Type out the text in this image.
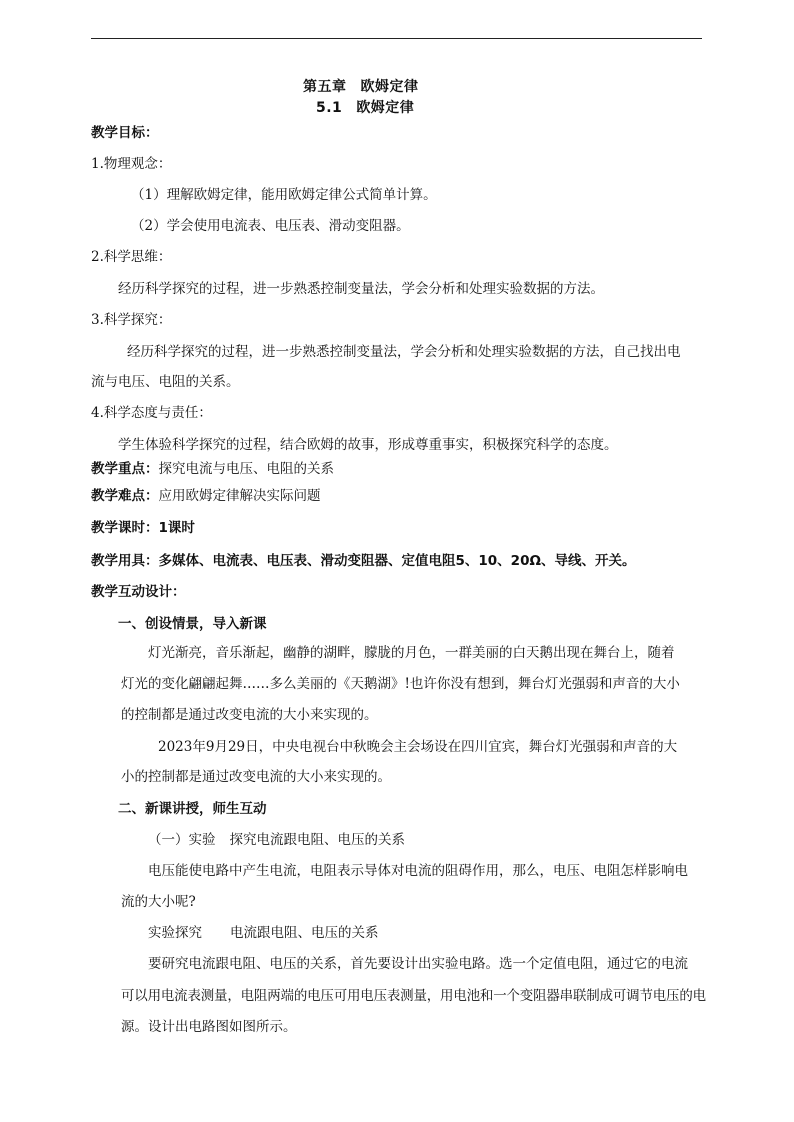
第五章 欧姆定律
5.1 欧姆定律
教学目标：
1.物理观念：
（1）理解欧姆定律，能用欧姆定律公式简单计算。
（2）学会使用电流表、电压表、滑动变阻器。
2.科学思维：
经历科学探究的过程，进一步熟悉控制变量法，学会分析和处理实验数据的方法。
3.科学探究：
经历科学探究的过程，进一步熟悉控制变量法，学会分析和处理实验数据的方法，自己找出电
流与电压、电阻的关系。
4.科学态度与责任：
学生体验科学探究的过程，结合欧姆的故事，形成尊重事实，积极探究科学的态度。
教学重点：探究电流与电压、电阻的关系
教学难点：应用欧姆定律解决实际问题
教学课时：1课时
教学用具：多媒体、电流表、电压表、滑动变阻器、定值电阻5、10、20Ω、导线、开关。
教学互动设计：
一、创设情景，导入新课
灯光渐亮，音乐渐起，幽静的湖畔，朦胧的月色，一群美丽的白天鹅出现在舞台上，随着
灯光的变化翩翩起舞……多么美丽的《天鹅湖》!也许你没有想到，舞台灯光强弱和声音的大小
的控制都是通过改变电流的大小来实现的。
2023年9月29日，中央电视台中秋晚会主会场设在四川宜宾，舞台灯光强弱和声音的大
小的控制都是通过改变电流的大小来实现的。
二、新课讲授，师生互动
（一）实验 探究电流跟电阻、电压的关系
电压能使电路中产生电流，电阻表示导体对电流的阻碍作用，那么，电压、电阻怎样影响电
流的大小呢?
实验探究 电流跟电阻、电压的关系
要研究电流跟电阻、电压的关系，首先要设计出实验电路。选一个定值电阻，通过它的电流
可以用电流表测量，电阻两端的电压可用电压表测量，用电池和一个变阻器串联制成可调节电压的电
源。设计出电路图如图所示。
